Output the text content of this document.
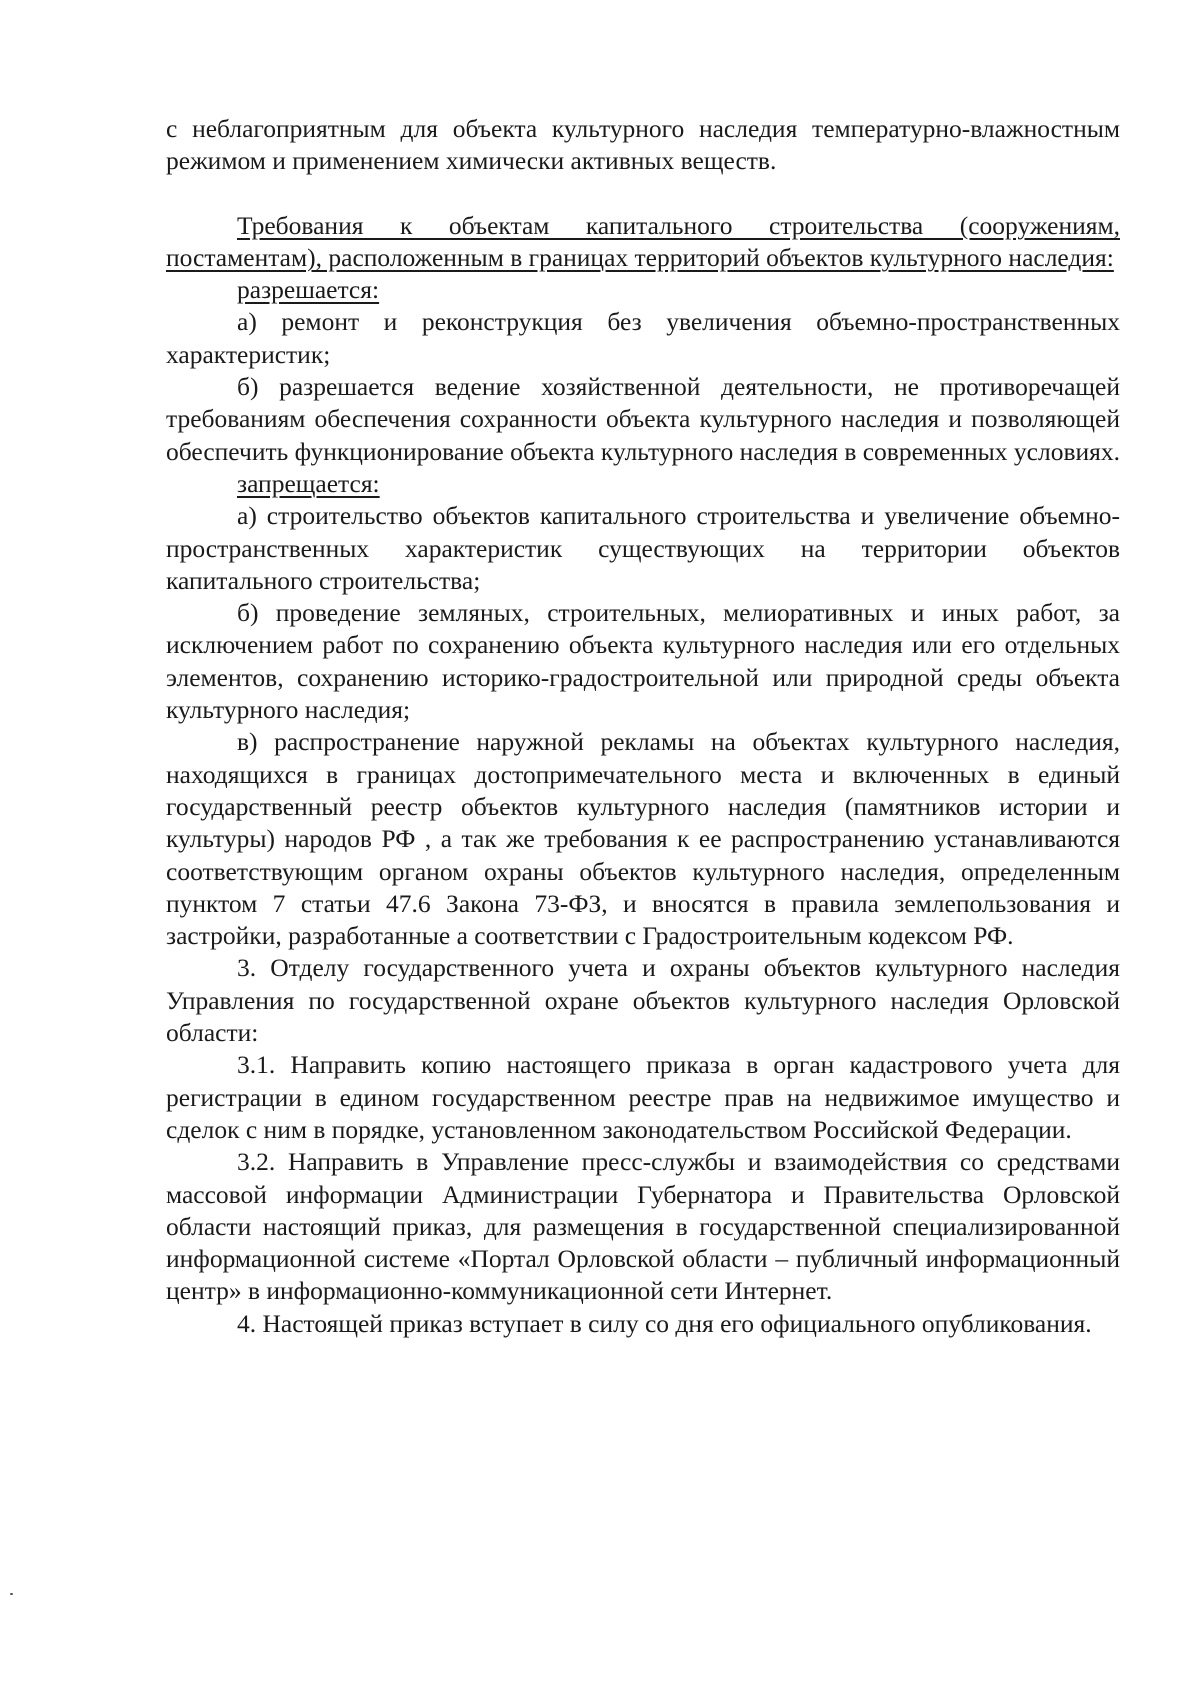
с неблагоприятным для объекта культурного наследия температурно-влажностным режимом и применением химически активных веществ.

Требования к объектам капитального строительства (сооружениям, постаментам), расположенным в границах территорий объектов культурного наследия:

разрешается:

а) ремонт и реконструкция без увеличения объемно-пространственных характеристик;

б) разрешается ведение хозяйственной деятельности, не противоречащей требованиям обеспечения сохранности объекта культурного наследия и позволяющей обеспечить функционирование объекта культурного наследия в современных условиях.

запрещается:

а) строительство объектов капитального строительства и увеличение объемно-пространственных характеристик существующих на территории объектов капитального строительства;

б) проведение земляных, строительных, мелиоративных и иных работ, за исключением работ по сохранению объекта культурного наследия или его отдельных элементов, сохранению историко-градостроительной или природной среды объекта культурного наследия;

в) распространение наружной рекламы на объектах культурного наследия, находящихся в границах достопримечательного места и включенных в единый государственный реестр объектов культурного наследия (памятников истории и культуры) народов РФ , а так же требования к ее распространению устанавливаются соответствующим органом охраны объектов культурного наследия, определенным пунктом 7 статьи 47.6 Закона 73-ФЗ, и вносятся в правила землепользования и застройки, разработанные а соответствии с Градостроительным кодексом РФ.

3. Отделу государственного учета и охраны объектов культурного наследия Управления по государственной охране объектов культурного наследия Орловской области:

3.1. Направить копию настоящего приказа в орган кадастрового учета для регистрации в едином государственном реестре прав на недвижимое имущество и сделок с ним в порядке, установленном законодательством Российской Федерации.

3.2. Направить в Управление пресс-службы и взаимодействия со средствами массовой информации Администрации Губернатора и Правительства Орловской области настоящий приказ, для размещения в государственной специализированной информационной системе «Портал Орловской области – публичный информационный центр» в информационно-коммуникационной сети Интернет.

4. Настоящей приказ вступает в силу со дня его официального опубликования.
